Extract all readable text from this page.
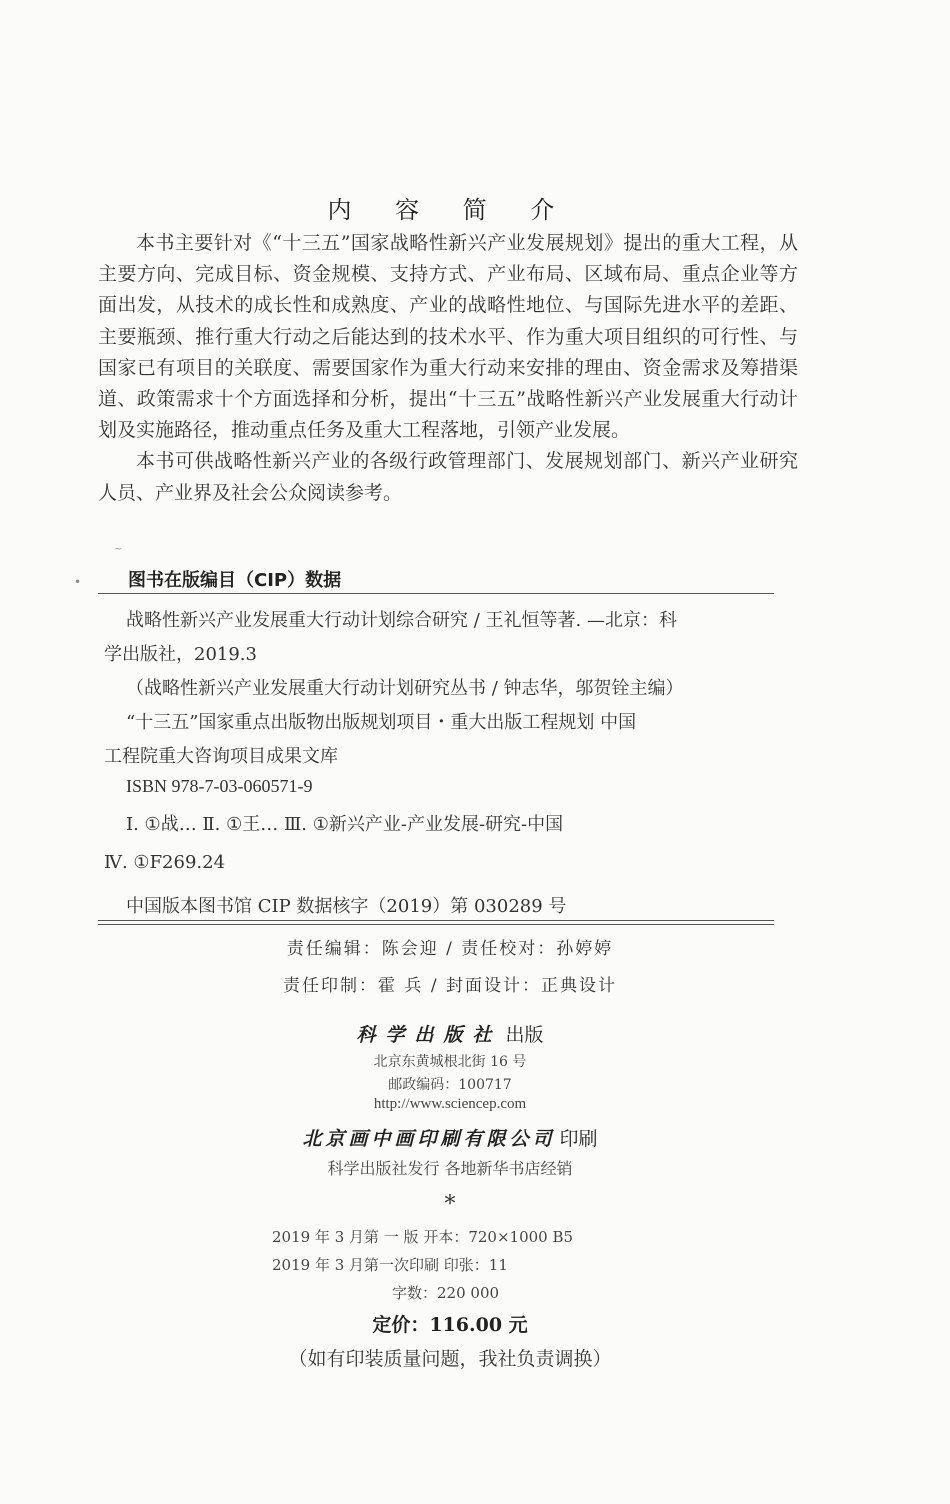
内 容 简 介

本书主要针对《“十三五”国家战略性新兴产业发展规划》提出的重大工程，从主要方向、完成目标、资金规模、支持方式、产业布局、区域布局、重点企业等方面出发，从技术的成长性和成熟度、产业的战略性地位、与国际先进水平的差距、主要瓶颈、推行重大行动之后能达到的技术水平、作为重大项目组织的可行性、与国家已有项目的关联度、需要国家作为重大行动来安排的理由、资金需求及筹措渠道、政策需求十个方面选择和分析，提出“十三五”战略性新兴产业发展重大行动计划及实施路径，推动重点任务及重大工程落地，引领产业发展。

本书可供战略性新兴产业的各级行政管理部门、发展规划部门、新兴产业研究人员、产业界及社会公众阅读参考。

~
•	图书在版编目（CIP）数据
战略性新兴产业发展重大行动计划综合研究 / 王礼恒等著. —北京：科
学出版社，2019.3
（战略性新兴产业发展重大行动计划研究丛书 / 钟志华，邬贺铨主编）
“十三五”国家重点出版物出版规划项目・重大出版工程规划 中国
工程院重大咨询项目成果文库
ISBN 978-7-03-060571-9
Ⅰ. ①战… Ⅱ. ①王… Ⅲ. ①新兴产业-产业发展-研究-中国
Ⅳ. ①F269.24
中国版本图书馆 CIP 数据核字（2019）第 030289 号
责任编辑：陈会迎 / 责任校对：孙婷婷
责任印制：霍 兵 / 封面设计：正典设计
科学出版社 出版
北京东黄城根北街 16 号
邮政编码：100717
http://www.sciencep.com
北京画中画印刷有限公司 印刷
科学出版社发行 各地新华书店经销
*
2019 年 3 月第 一 版 开本：720×1000 B5
2019 年 3 月第一次印刷 印张：11
字数：220 000
定价：116.00 元
（如有印装质量问题，我社负责调换）
